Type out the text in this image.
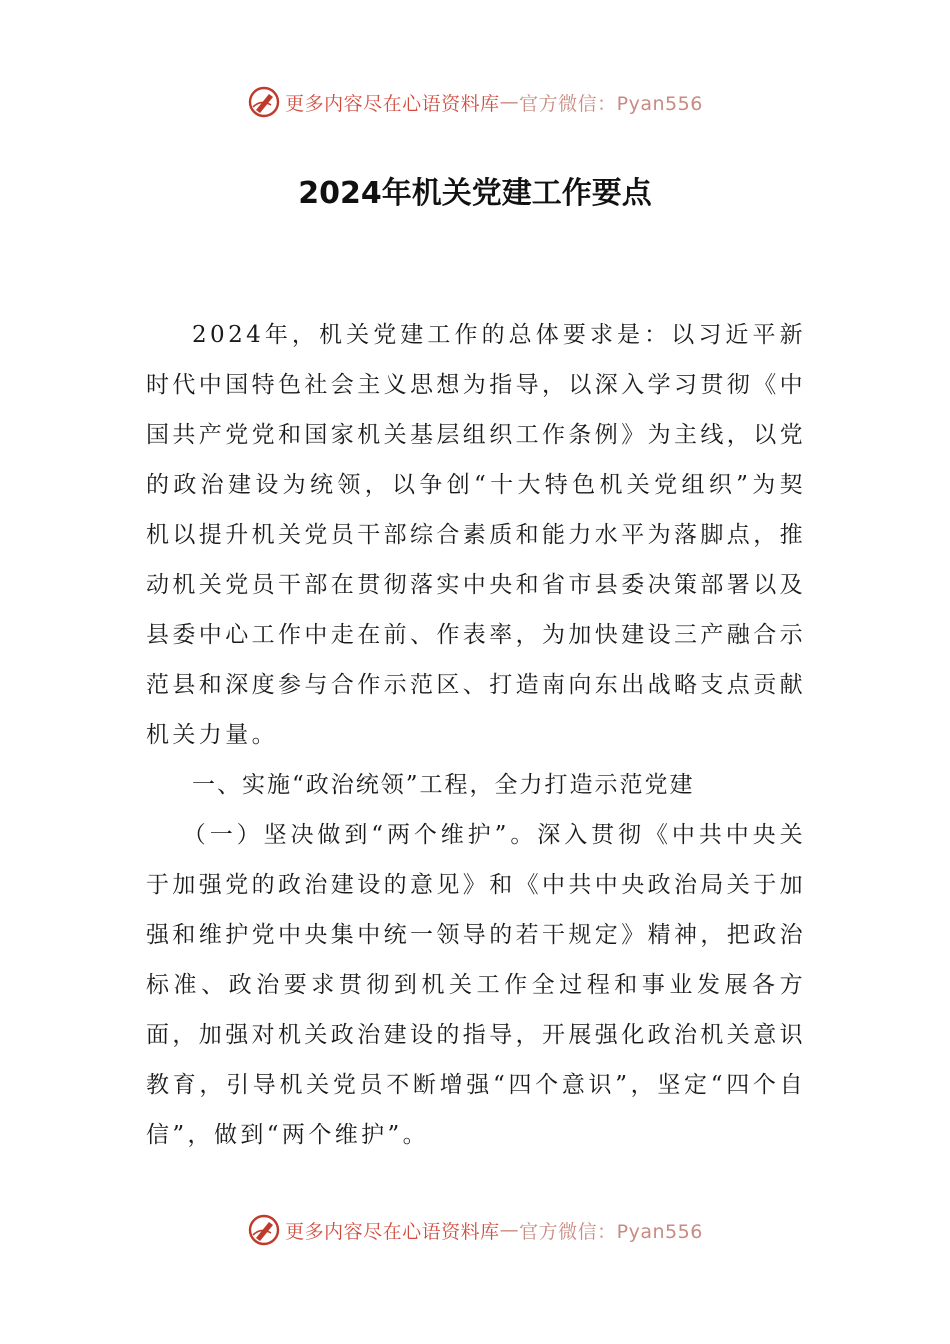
更多内容尽在心语资料库 — 官方微信：Pyan556
2024年机关党建工作要点

2024年，机关党建工作的总体要求是：以习近平新时代中国特色社会主义思想为指导，以深入学习贯彻《中国共产党党和国家机关基层组织工作条例》为主线，以党的政治建设为统领，以争创“十大特色机关党组织”为契机以提升机关党员干部综合素质和能力水平为落脚点，推动机关党员干部在贯彻落实中央和省市县委决策部署以及县委中心工作中走在前、作表率，为加快建设三产融合示范县和深度参与合作示范区、打造南向东出战略支点贡献机关力量。

一、实施“政治统领”工程，全力打造示范党建

（一）坚决做到“两个维护”。深入贯彻《中共中央关于加强党的政治建设的意见》和《中共中央政治局关于加强和维护党中央集中统一领导的若干规定》精神，把政治标准、政治要求贯彻到机关工作全过程和事业发展各方面，加强对机关政治建设的指导，开展强化政治机关意识教育，引导机关党员不断增强“四个意识”，坚定“四个自信”，做到“两个维护”。

更多内容尽在心语资料库 — 官方微信：Pyan556
